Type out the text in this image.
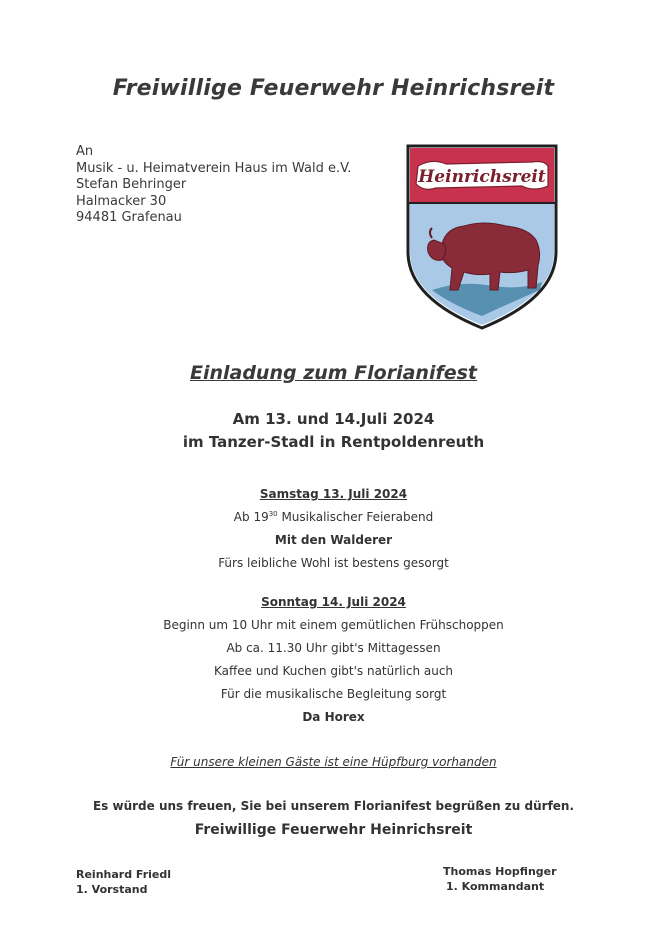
Freiwillige Feuerwehr Heinrichsreit
An
Musik - u. Heimatverein Haus im Wald e.V.
Stefan Behringer
Halmacker 30
94481 Grafenau
Heinrichsreit
Einladung zum Florianifest
Am 13. und 14.Juli 2024
im Tanzer-Stadl in Rentpoldenreuth
Samstag 13. Juli 2024
Ab $19^{30}$ Musikalischer Feierabend
Mit den Walderer
Fürs leibliche Wohl ist bestens gesorgt
Sonntag 14. Juli 2024
Beginn um 10 Uhr mit einem gemütlichen Frühschoppen
Ab ca. 11.30 Uhr gibt's Mittagessen
Kaffee und Kuchen gibt's natürlich auch
Für die musikalische Begleitung sorgt
Da Horex
Für unsere kleinen Gäste ist eine Hüpfburg vorhanden
Es würde uns freuen, Sie bei unserem Florianifest begrüßen zu dürfen.
Freiwillige Feuerwehr Heinrichsreit
Reinhard Friedl
1. Vorstand
Thomas Hopfinger
1. Kommandant
